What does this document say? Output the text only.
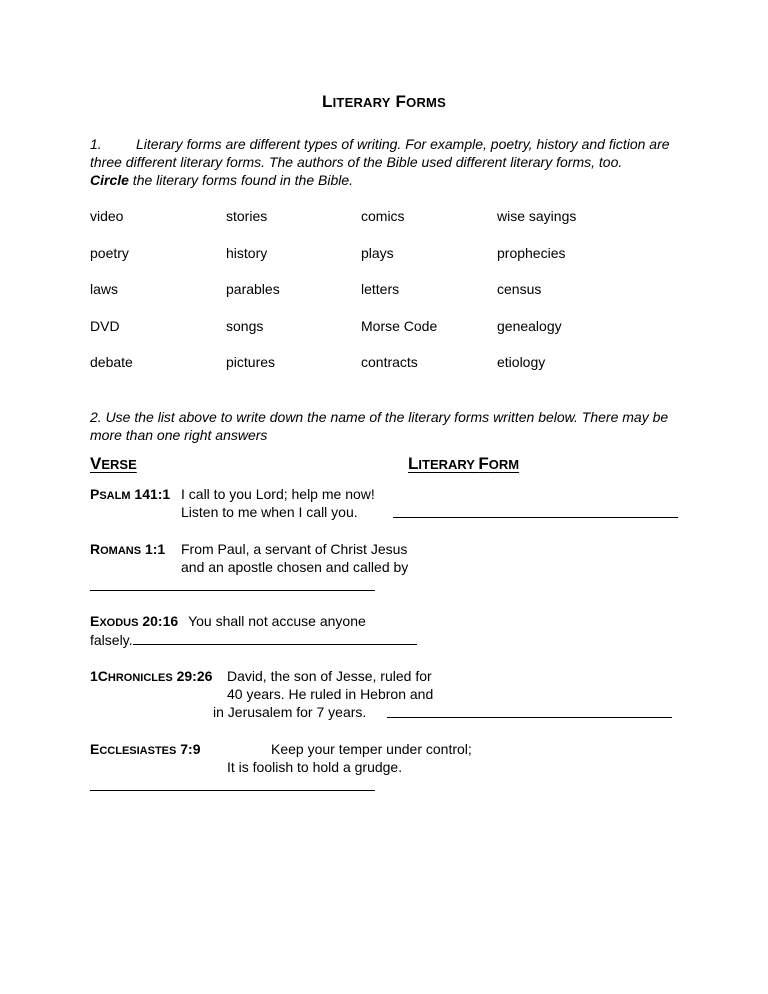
LITERARY FORMS
1. Literary forms are different types of writing. For example, poetry, history and fiction are
three different literary forms. The authors of the Bible used different literary forms, too.
Circle the literary forms found in the Bible.
video	stories	comics	wise sayings
poetry	history	plays	prophecies
laws	parables	letters	census
DVD	songs	Morse Code	genealogy
debate	pictures	contracts	etiology
2. Use the list above to write down the name of the literary forms written below. There may be
more than one right answers
VERSE	LITERARY FORM
PSALM 141:1 I call to you Lord; help me now!
Listen to me when I call you.
ROMANS 1:1 From Paul, a servant of Christ Jesus
and an apostle chosen and called by
EXODUS 20:16 You shall not accuse anyone
falsely.
1CHRONICLES 29:26 David, the son of Jesse, ruled for
40 years. He ruled in Hebron and
in Jerusalem for 7 years.
ECCLESIASTES 7:9	Keep your temper under control;
It is foolish to hold a grudge.
